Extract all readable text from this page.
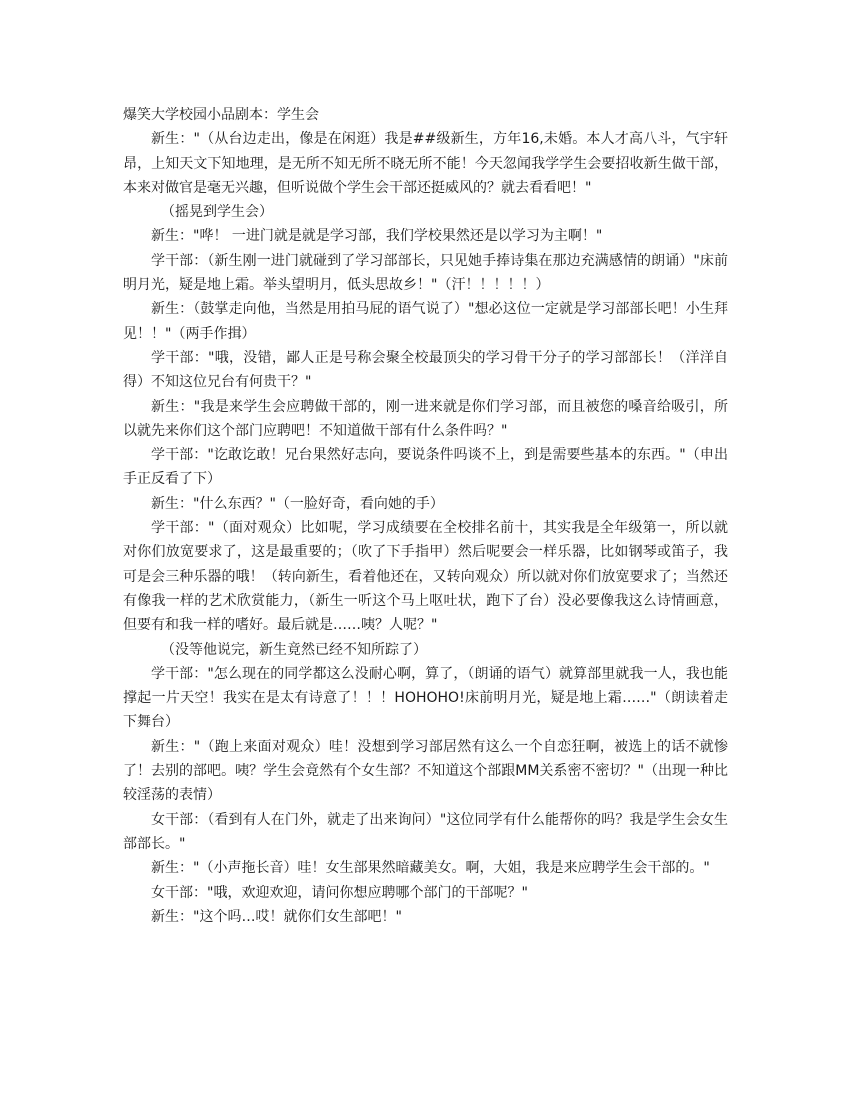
爆笑大学校园小品剧本：学生会

新生："（从台边走出，像是在闲逛）我是##级新生，方年16,未婚。本人才高八斗，气宇轩昂，上知天文下知地理，是无所不知无所不晓无所不能！今天忽闻我学学生会要招收新生做干部，本来对做官是毫无兴趣，但听说做个学生会干部还挺威风的？就去看看吧！"

（摇晃到学生会）

新生："哗！ 一进门就是就是学习部，我们学校果然还是以学习为主啊！"

学干部：（新生刚一进门就碰到了学习部部长，只见她手捧诗集在那边充满感情的朗诵）"床前明月光，疑是地上霜。举头望明月，低头思故乡！"（汗！！！！！）

新生：（鼓掌走向他，当然是用拍马屁的语气说了）"想必这位一定就是学习部部长吧！小生拜见！！"（两手作揖）

学干部："哦，没错，鄙人正是号称会聚全校最顶尖的学习骨干分子的学习部部长！（洋洋自得）不知这位兄台有何贵干？"

新生："我是来学生会应聘做干部的，刚一进来就是你们学习部，而且被您的嗓音给吸引，所以就先来你们这个部门应聘吧！不知道做干部有什么条件吗？"

学干部："讫敢讫敢！兄台果然好志向，要说条件吗谈不上，到是需要些基本的东西。"（申出手正反看了下）

新生："什么东西？"（一脸好奇，看向她的手）

学干部："（面对观众）比如呢，学习成绩要在全校排名前十，其实我是全年级第一，所以就对你们放宽要求了，这是最重要的；（吹了下手指甲）然后呢要会一样乐器，比如钢琴或笛子，我可是会三种乐器的哦！（转向新生，看着他还在，又转向观众）所以就对你们放宽要求了；当然还有像我一样的艺术欣赏能力，（新生一听这个马上呕吐状，跑下了台）没必要像我这么诗情画意，但要有和我一样的嗜好。最后就是……咦？人呢？"

（没等他说完，新生竟然已经不知所踪了）

学干部："怎么现在的同学都这么没耐心啊，算了，（朗诵的语气）就算部里就我一人，我也能撑起一片天空！我实在是太有诗意了！！！HOHOHO!床前明月光，疑是地上霜……"（朗读着走下舞台）

新生："（跑上来面对观众）哇！没想到学习部居然有这么一个自恋狂啊，被选上的话不就惨了！去别的部吧。咦？学生会竟然有个女生部？不知道这个部跟MM关系密不密切？"（出现一种比较淫荡的表情）

女干部：（看到有人在门外，就走了出来询问）"这位同学有什么能帮你的吗？我是学生会女生部部长。"

新生："（小声拖长音）哇！女生部果然暗藏美女。啊，大姐，我是来应聘学生会干部的。"

女干部："哦，欢迎欢迎，请问你想应聘哪个部门的干部呢？"

新生："这个吗…哎！就你们女生部吧！"
